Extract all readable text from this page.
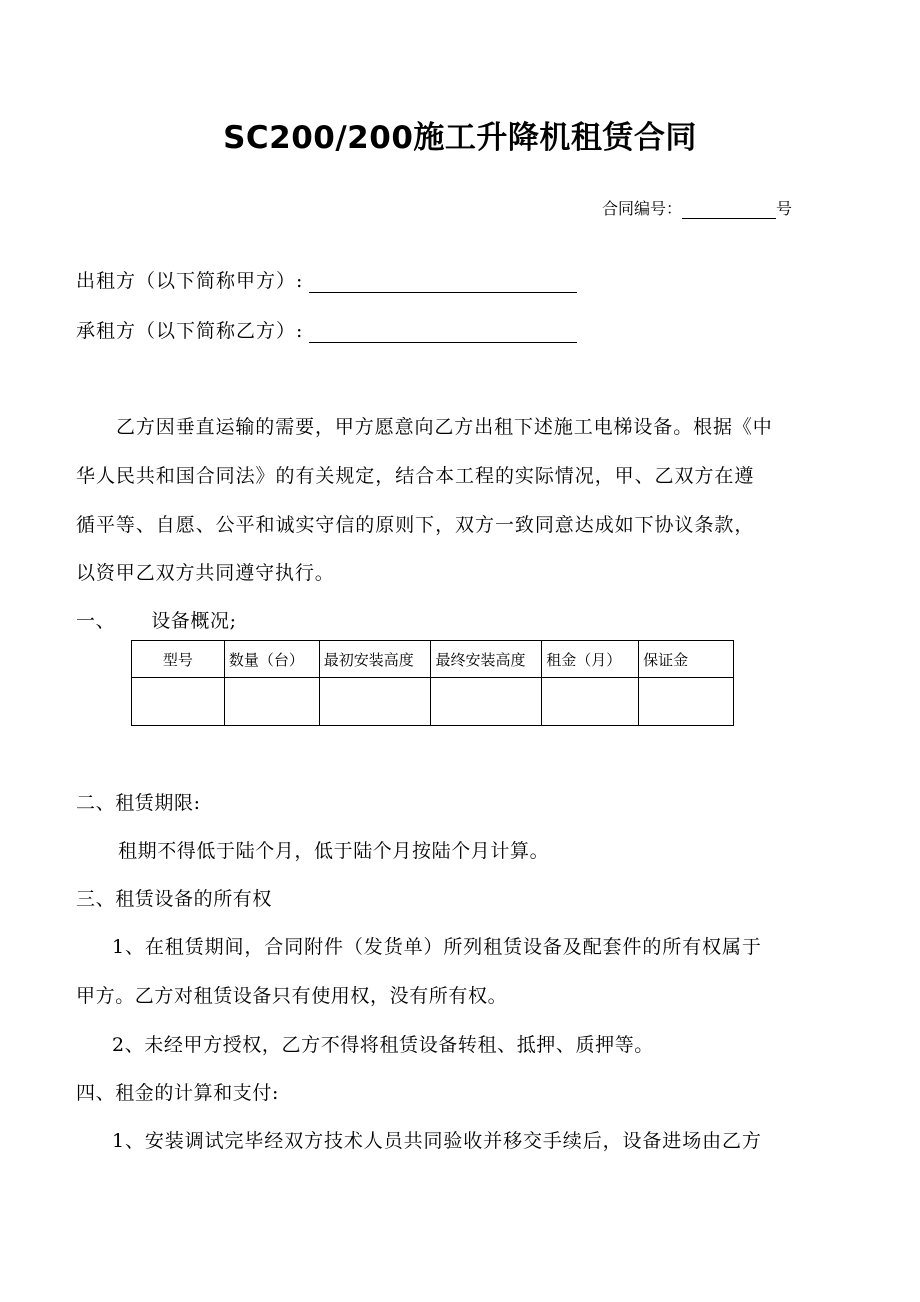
SC200/200施工升降机租赁合同
合同编号：	号
出租方（以下简称甲方）:
承租方（以下简称乙方）:
乙方因垂直运输的需要，甲方愿意向乙方出租下述施工电梯设备。根据《中
华人民共和国合同法》的有关规定，结合本工程的实际情况，甲、乙双方在遵
循平等、自愿、公平和诚实守信的原则下，双方一致同意达成如下协议条款，
以资甲乙双方共同遵守执行。
一、 设备概况;
型号	数量（台）	最初安装高度	最终安装高度	租金（月）	保证金

二、租赁期限:
租期不得低于陆个月，低于陆个月按陆个月计算。
三、租赁设备的所有权
1、在租赁期间，合同附件（发货单）所列租赁设备及配套件的所有权属于
甲方。乙方对租赁设备只有使用权，没有所有权。
2、未经甲方授权，乙方不得将租赁设备转租、抵押、质押等。
四、租金的计算和支付:
1、安装调试完毕经双方技术人员共同验收并移交手续后，设备进场由乙方
